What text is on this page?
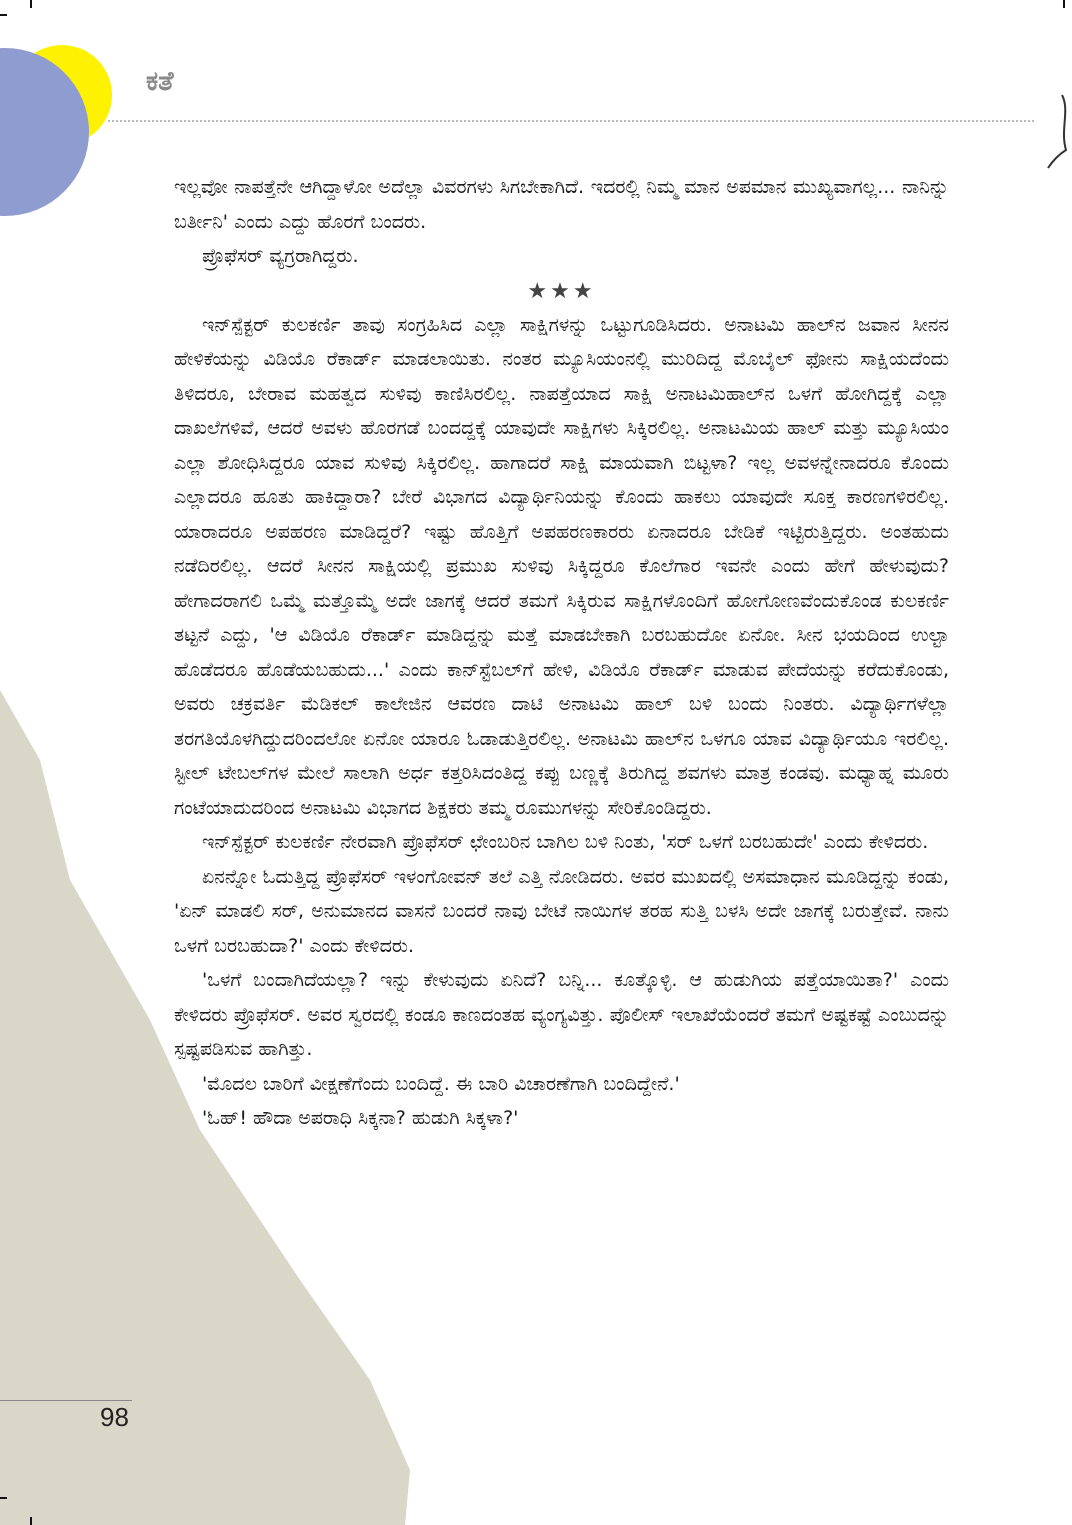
ಕತೆ

ಇಲ್ಲವೋ ನಾಪತ್ತೆನೇ ಆಗಿದ್ದಾಳೋ ಅದೆಲ್ಲಾ ವಿವರಗಳು ಸಿಗಬೇಕಾಗಿದೆ. ಇದರಲ್ಲಿ ನಿಮ್ಮ ಮಾನ ಅಪಮಾನ ಮುಖ್ಯವಾಗಲ್ಲ... ನಾನಿನ್ನು ಬರ್ತೀನಿ' ಎಂದು ಎದ್ದು ಹೊರಗೆ ಬಂದರು.

ಪ್ರೊಫೆಸರ್ ವ್ಯಗ್ರರಾಗಿದ್ದರು.

★★★

ಇನ್‌ಸ್ಪೆಕ್ಟರ್ ಕುಲಕರ್ಣಿ ತಾವು ಸಂಗ್ರಹಿಸಿದ ಎಲ್ಲಾ ಸಾಕ್ಷಿಗಳನ್ನು ಒಟ್ಟುಗೂಡಿಸಿದರು. ಅನಾಟಮಿ ಹಾಲ್‌ನ ಜವಾನ ಸೀನನ ಹೇಳಿಕೆಯನ್ನು ವಿಡಿಯೊ ರೆಕಾರ್ಡ್ ಮಾಡಲಾಯಿತು. ನಂತರ ಮ್ಯೂಸಿಯಂನಲ್ಲಿ ಮುರಿದಿದ್ದ ಮೊಬೈಲ್ ಫೋನು ಸಾಕ್ಷಿಯದೆಂದು ತಿಳಿದರೂ, ಬೇರಾವ ಮಹತ್ವದ ಸುಳಿವು ಕಾಣಿಸಿರಲಿಲ್ಲ. ನಾಪತ್ತೆಯಾದ ಸಾಕ್ಷಿ ಅನಾಟಮಿಹಾಲ್‌ನ ಒಳಗೆ ಹೋಗಿದ್ದಕ್ಕೆ ಎಲ್ಲಾ ದಾಖಲೆಗಳಿವೆ, ಆದರೆ ಅವಳು ಹೊರಗಡೆ ಬಂದದ್ದಕ್ಕೆ ಯಾವುದೇ ಸಾಕ್ಷಿಗಳು ಸಿಕ್ಕಿರಲಿಲ್ಲ. ಅನಾಟಮಿಯ ಹಾಲ್ ಮತ್ತು ಮ್ಯೂಸಿಯಂ ಎಲ್ಲಾ ಶೋಧಿಸಿದ್ದರೂ ಯಾವ ಸುಳಿವು ಸಿಕ್ಕಿರಲಿಲ್ಲ. ಹಾಗಾದರೆ ಸಾಕ್ಷಿ ಮಾಯವಾಗಿ ಬಿಟ್ಟಳಾ? ಇಲ್ಲ ಅವಳನ್ನೇನಾದರೂ ಕೊಂದು ಎಲ್ಲಾದರೂ ಹೂತು ಹಾಕಿದ್ದಾರಾ? ಬೇರೆ ವಿಭಾಗದ ವಿದ್ಯಾರ್ಥಿನಿಯನ್ನು ಕೊಂದು ಹಾಕಲು ಯಾವುದೇ ಸೂಕ್ತ ಕಾರಣಗಳಿರಲಿಲ್ಲ. ಯಾರಾದರೂ ಅಪಹರಣ ಮಾಡಿದ್ದರೆ? ಇಷ್ಟು ಹೊತ್ತಿಗೆ ಅಪಹರಣಕಾರರು ಏನಾದರೂ ಬೇಡಿಕೆ ಇಟ್ಟಿರುತ್ತಿದ್ದರು. ಅಂತಹುದು ನಡೆದಿರಲಿಲ್ಲ. ಆದರೆ ಸೀನನ ಸಾಕ್ಷಿಯಲ್ಲಿ ಪ್ರಮುಖ ಸುಳಿವು ಸಿಕ್ಕಿದ್ದರೂ ಕೊಲೆಗಾರ ಇವನೇ ಎಂದು ಹೇಗೆ ಹೇಳುವುದು? ಹೇಗಾದರಾಗಲಿ ಒಮ್ಮೆ ಮತ್ತೊಮ್ಮೆ ಅದೇ ಜಾಗಕ್ಕೆ ಆದರೆ ತಮಗೆ ಸಿಕ್ಕಿರುವ ಸಾಕ್ಷಿಗಳೊಂದಿಗೆ ಹೋಗೋಣವೆಂದುಕೊಂಡ ಕುಲಕರ್ಣಿ ತಟ್ಟನೆ ಎದ್ದು, 'ಆ ವಿಡಿಯೊ ರೆಕಾರ್ಡ್ ಮಾಡಿದ್ದನ್ನು ಮತ್ತೆ ಮಾಡಬೇಕಾಗಿ ಬರಬಹುದೋ ಏನೋ. ಸೀನ ಭಯದಿಂದ ಉಲ್ಟಾ ಹೊಡೆದರೂ ಹೊಡೆಯಬಹುದು...' ಎಂದು ಕಾನ್‌ಸ್ಟೆಬಲ್‌ಗೆ ಹೇಳಿ, ವಿಡಿಯೊ ರೆಕಾರ್ಡ್ ಮಾಡುವ ಪೇದೆಯನ್ನು ಕರೆದುಕೊಂಡು, ಅವರು ಚಕ್ರವರ್ತಿ ಮೆಡಿಕಲ್ ಕಾಲೇಜಿನ ಆವರಣ ದಾಟಿ ಅನಾಟಮಿ ಹಾಲ್ ಬಳಿ ಬಂದು ನಿಂತರು. ವಿದ್ಯಾರ್ಥಿಗಳೆಲ್ಲಾ ತರಗತಿಯೊಳಗಿದ್ದುದರಿಂದಲೋ ಏನೋ ಯಾರೂ ಓಡಾಡುತ್ತಿರಲಿಲ್ಲ. ಅನಾಟಮಿ ಹಾಲ್‌ನ ಒಳಗೂ ಯಾವ ವಿದ್ಯಾರ್ಥಿಯೂ ಇರಲಿಲ್ಲ. ಸ್ಟೀಲ್ ಟೇಬಲ್‌ಗಳ ಮೇಲೆ ಸಾಲಾಗಿ ಅರ್ಧ ಕತ್ತರಿಸಿದಂತಿದ್ದ ಕಪ್ಪು ಬಣ್ಣಕ್ಕೆ ತಿರುಗಿದ್ದ ಶವಗಳು ಮಾತ್ರ ಕಂಡವು. ಮಧ್ಯಾಹ್ನ ಮೂರು ಗಂಟೆಯಾದುದರಿಂದ ಅನಾಟಮಿ ವಿಭಾಗದ ಶಿಕ್ಷಕರು ತಮ್ಮ ರೂಮುಗಳನ್ನು ಸೇರಿಕೊಂಡಿದ್ದರು.

ಇನ್‌ಸ್ಪೆಕ್ಟರ್ ಕುಲಕರ್ಣಿ ನೇರವಾಗಿ ಪ್ರೊಫೆಸರ್ ಛೇಂಬರಿನ ಬಾಗಿಲ ಬಳಿ ನಿಂತು, 'ಸರ್ ಒಳಗೆ ಬರಬಹುದೇ' ಎಂದು ಕೇಳಿದರು.

ಏನನ್ನೋ ಓದುತ್ತಿದ್ದ ಪ್ರೊಫೆಸರ್ ಇಳಂಗೋವನ್ ತಲೆ ಎತ್ತಿ ನೋಡಿದರು. ಅವರ ಮುಖದಲ್ಲಿ ಅಸಮಾಧಾನ ಮೂಡಿದ್ದನ್ನು ಕಂಡು, 'ಏನ್ ಮಾಡಲಿ ಸರ್, ಅನುಮಾನದ ವಾಸನೆ ಬಂದರೆ ನಾವು ಬೇಟೆ ನಾಯಿಗಳ ತರಹ ಸುತ್ತಿ ಬಳಸಿ ಅದೇ ಜಾಗಕ್ಕೆ ಬರುತ್ತೇವೆ. ನಾನು ಒಳಗೆ ಬರಬಹುದಾ?' ಎಂದು ಕೇಳಿದರು.

'ಒಳಗೆ ಬಂದಾಗಿದೆಯಲ್ಲಾ? ಇನ್ನು ಕೇಳುವುದು ಏನಿದೆ? ಬನ್ನಿ... ಕೂತ್ಕೊಳ್ಳಿ. ಆ ಹುಡುಗಿಯ ಪತ್ತೆಯಾಯಿತಾ?' ಎಂದು ಕೇಳಿದರು ಪ್ರೊಫೆಸರ್. ಅವರ ಸ್ವರದಲ್ಲಿ ಕಂಡೂ ಕಾಣದಂತಹ ವ್ಯಂಗ್ಯವಿತ್ತು. ಪೊಲೀಸ್ ಇಲಾಖೆಯೆಂದರೆ ತಮಗೆ ಅಷ್ಟಕಷ್ಟೆ ಎಂಬುದನ್ನು ಸ್ಪಷ್ಟಪಡಿಸುವ ಹಾಗಿತ್ತು.

'ಮೊದಲ ಬಾರಿಗೆ ವೀಕ್ಷಣೆಗೆಂದು ಬಂದಿದ್ದೆ. ಈ ಬಾರಿ ವಿಚಾರಣೆಗಾಗಿ ಬಂದಿದ್ದೇನೆ.'

'ಓಹ್! ಹೌದಾ ಅಪರಾಧಿ ಸಿಕ್ಕನಾ? ಹುಡುಗಿ ಸಿಕ್ಕಳಾ?'

98
